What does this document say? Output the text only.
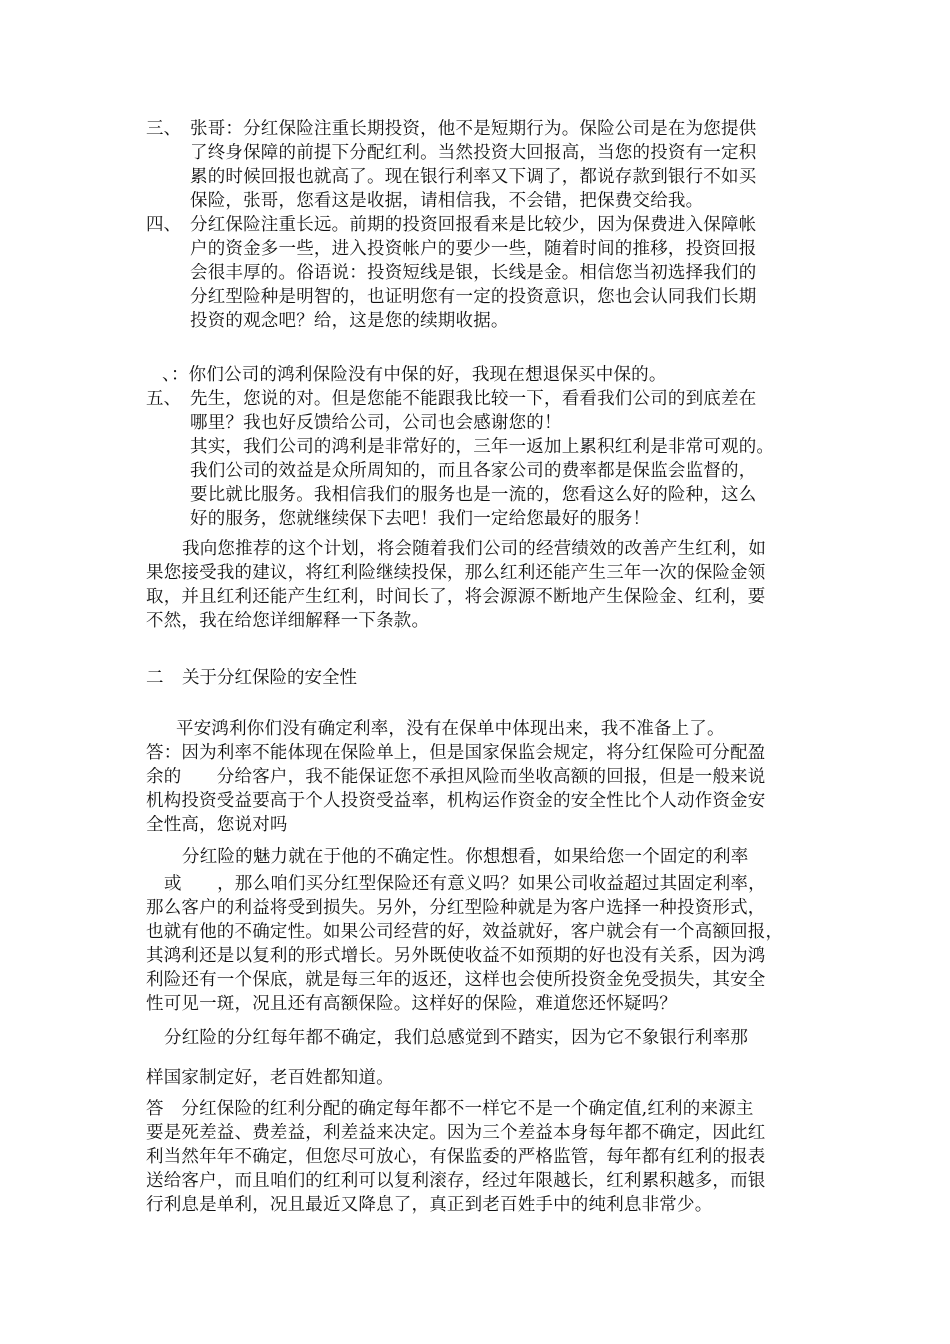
三、 张哥：分红保险注重长期投资，他不是短期行为。保险公司是在为您提供
了终身保障的前提下分配红利。当然投资大回报高，当您的投资有一定积
累的时候回报也就高了。现在银行利率又下调了，都说存款到银行不如买
保险，张哥，您看这是收据，请相信我，不会错，把保费交给我。
四、 分红保险注重长远。前期的投资回报看来是比较少，因为保费进入保障帐
户的资金多一些，进入投资帐户的要少一些，随着时间的推移，投资回报
会很丰厚的。俗语说：投资短线是银，长线是金。相信您当初选择我们的
分红型险种是明智的，也证明您有一定的投资意识，您也会认同我们长期
投资的观念吧？给，这是您的续期收据。
、：你们公司的鸿利保险没有中保的好，我现在想退保买中保的。
五、 先生，您说的对。但是您能不能跟我比较一下，看看我们公司的到底差在
哪里？我也好反馈给公司，公司也会感谢您的！
其实，我们公司的鸿利是非常好的，三年一返加上累积红利是非常可观的。
我们公司的效益是众所周知的，而且各家公司的费率都是保监会监督的，
要比就比服务。我相信我们的服务也是一流的，您看这么好的险种，这么
好的服务，您就继续保下去吧！我们一定给您最好的服务！
我向您推荐的这个计划，将会随着我们公司的经营绩效的改善产生红利，如
果您接受我的建议，将红利险继续投保，那么红利还能产生三年一次的保险金领
取，并且红利还能产生红利，时间长了，将会源源不断地产生保险金、红利，要
不然，我在给您详细解释一下条款。
二 关于分红保险的安全性
平安鸿利你们没有确定利率，没有在保单中体现出来，我不准备上了。
答：因为利率不能体现在保险单上，但是国家保监会规定，将分红保险可分配盈
余的　　分给客户，我不能保证您不承担风险而坐收高额的回报，但是一般来说
机构投资受益要高于个人投资受益率，机构运作资金的安全性比个人动作资金安
全性高，您说对吗
分红险的魅力就在于他的不确定性。你想想看，如果给您一个固定的利率
或　　，那么咱们买分红型保险还有意义吗？如果公司收益超过其固定利率，
那么客户的利益将受到损失。另外，分红型险种就是为客户选择一种投资形式，
也就有他的不确定性。如果公司经营的好，效益就好，客户就会有一个高额回报，
其鸿利还是以复利的形式增长。另外既使收益不如预期的好也没有关系，因为鸿
利险还有一个保底，就是每三年的返还，这样也会使所投资金免受损失，其安全
性可见一斑，况且还有高额保险。这样好的保险，难道您还怀疑吗？
分红险的分红每年都不确定，我们总感觉到不踏实，因为它不象银行利率那
样国家制定好，老百姓都知道。
答　分红保险的红利分配的确定每年都不一样它不是一个确定值,红利的来源主
要是死差益、费差益，利差益来决定。因为三个差益本身每年都不确定，因此红
利当然年年不确定，但您尽可放心，有保监委的严格监管，每年都有红利的报表
送给客户，而且咱们的红利可以复利滚存，经过年限越长，红利累积越多，而银
行利息是单利，况且最近又降息了，真正到老百姓手中的纯利息非常少。
